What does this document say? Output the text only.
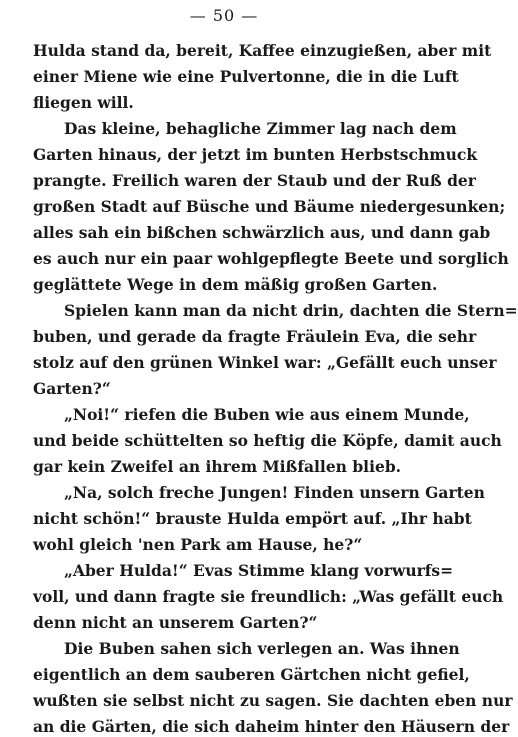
— 50 —
Hulda stand da, bereit, Kaffee einzugießen, aber mit
einer Miene wie eine Pulvertonne, die in die Luft
fliegen will.
Das kleine, behagliche Zimmer lag nach dem
Garten hinaus, der jetzt im bunten Herbstschmuck
prangte. Freilich waren der Staub und der Ruß der
großen Stadt auf Büsche und Bäume niedergesunken;
alles sah ein bißchen schwärzlich aus, und dann gab
es auch nur ein paar wohlgepflegte Beete und sorglich
geglättete Wege in dem mäßig großen Garten.
Spielen kann man da nicht drin, dachten die Stern=
buben, und gerade da fragte Fräulein Eva, die sehr
stolz auf den grünen Winkel war: „Gefällt euch unser
Garten?“
„Noi!“ riefen die Buben wie aus einem Munde,
und beide schüttelten so heftig die Köpfe, damit auch
gar kein Zweifel an ihrem Mißfallen blieb.
„Na, solch freche Jungen! Finden unsern Garten
nicht schön!“ brauste Hulda empört auf. „Ihr habt
wohl gleich 'nen Park am Hause, he?“
„Aber Hulda!“ Evas Stimme klang vorwurfs=
voll, und dann fragte sie freundlich: „Was gefällt euch
denn nicht an unserem Garten?“
Die Buben sahen sich verlegen an. Was ihnen
eigentlich an dem sauberen Gärtchen nicht gefiel,
wußten sie selbst nicht zu sagen. Sie dachten eben nur
an die Gärten, die sich daheim hinter den Häusern der
